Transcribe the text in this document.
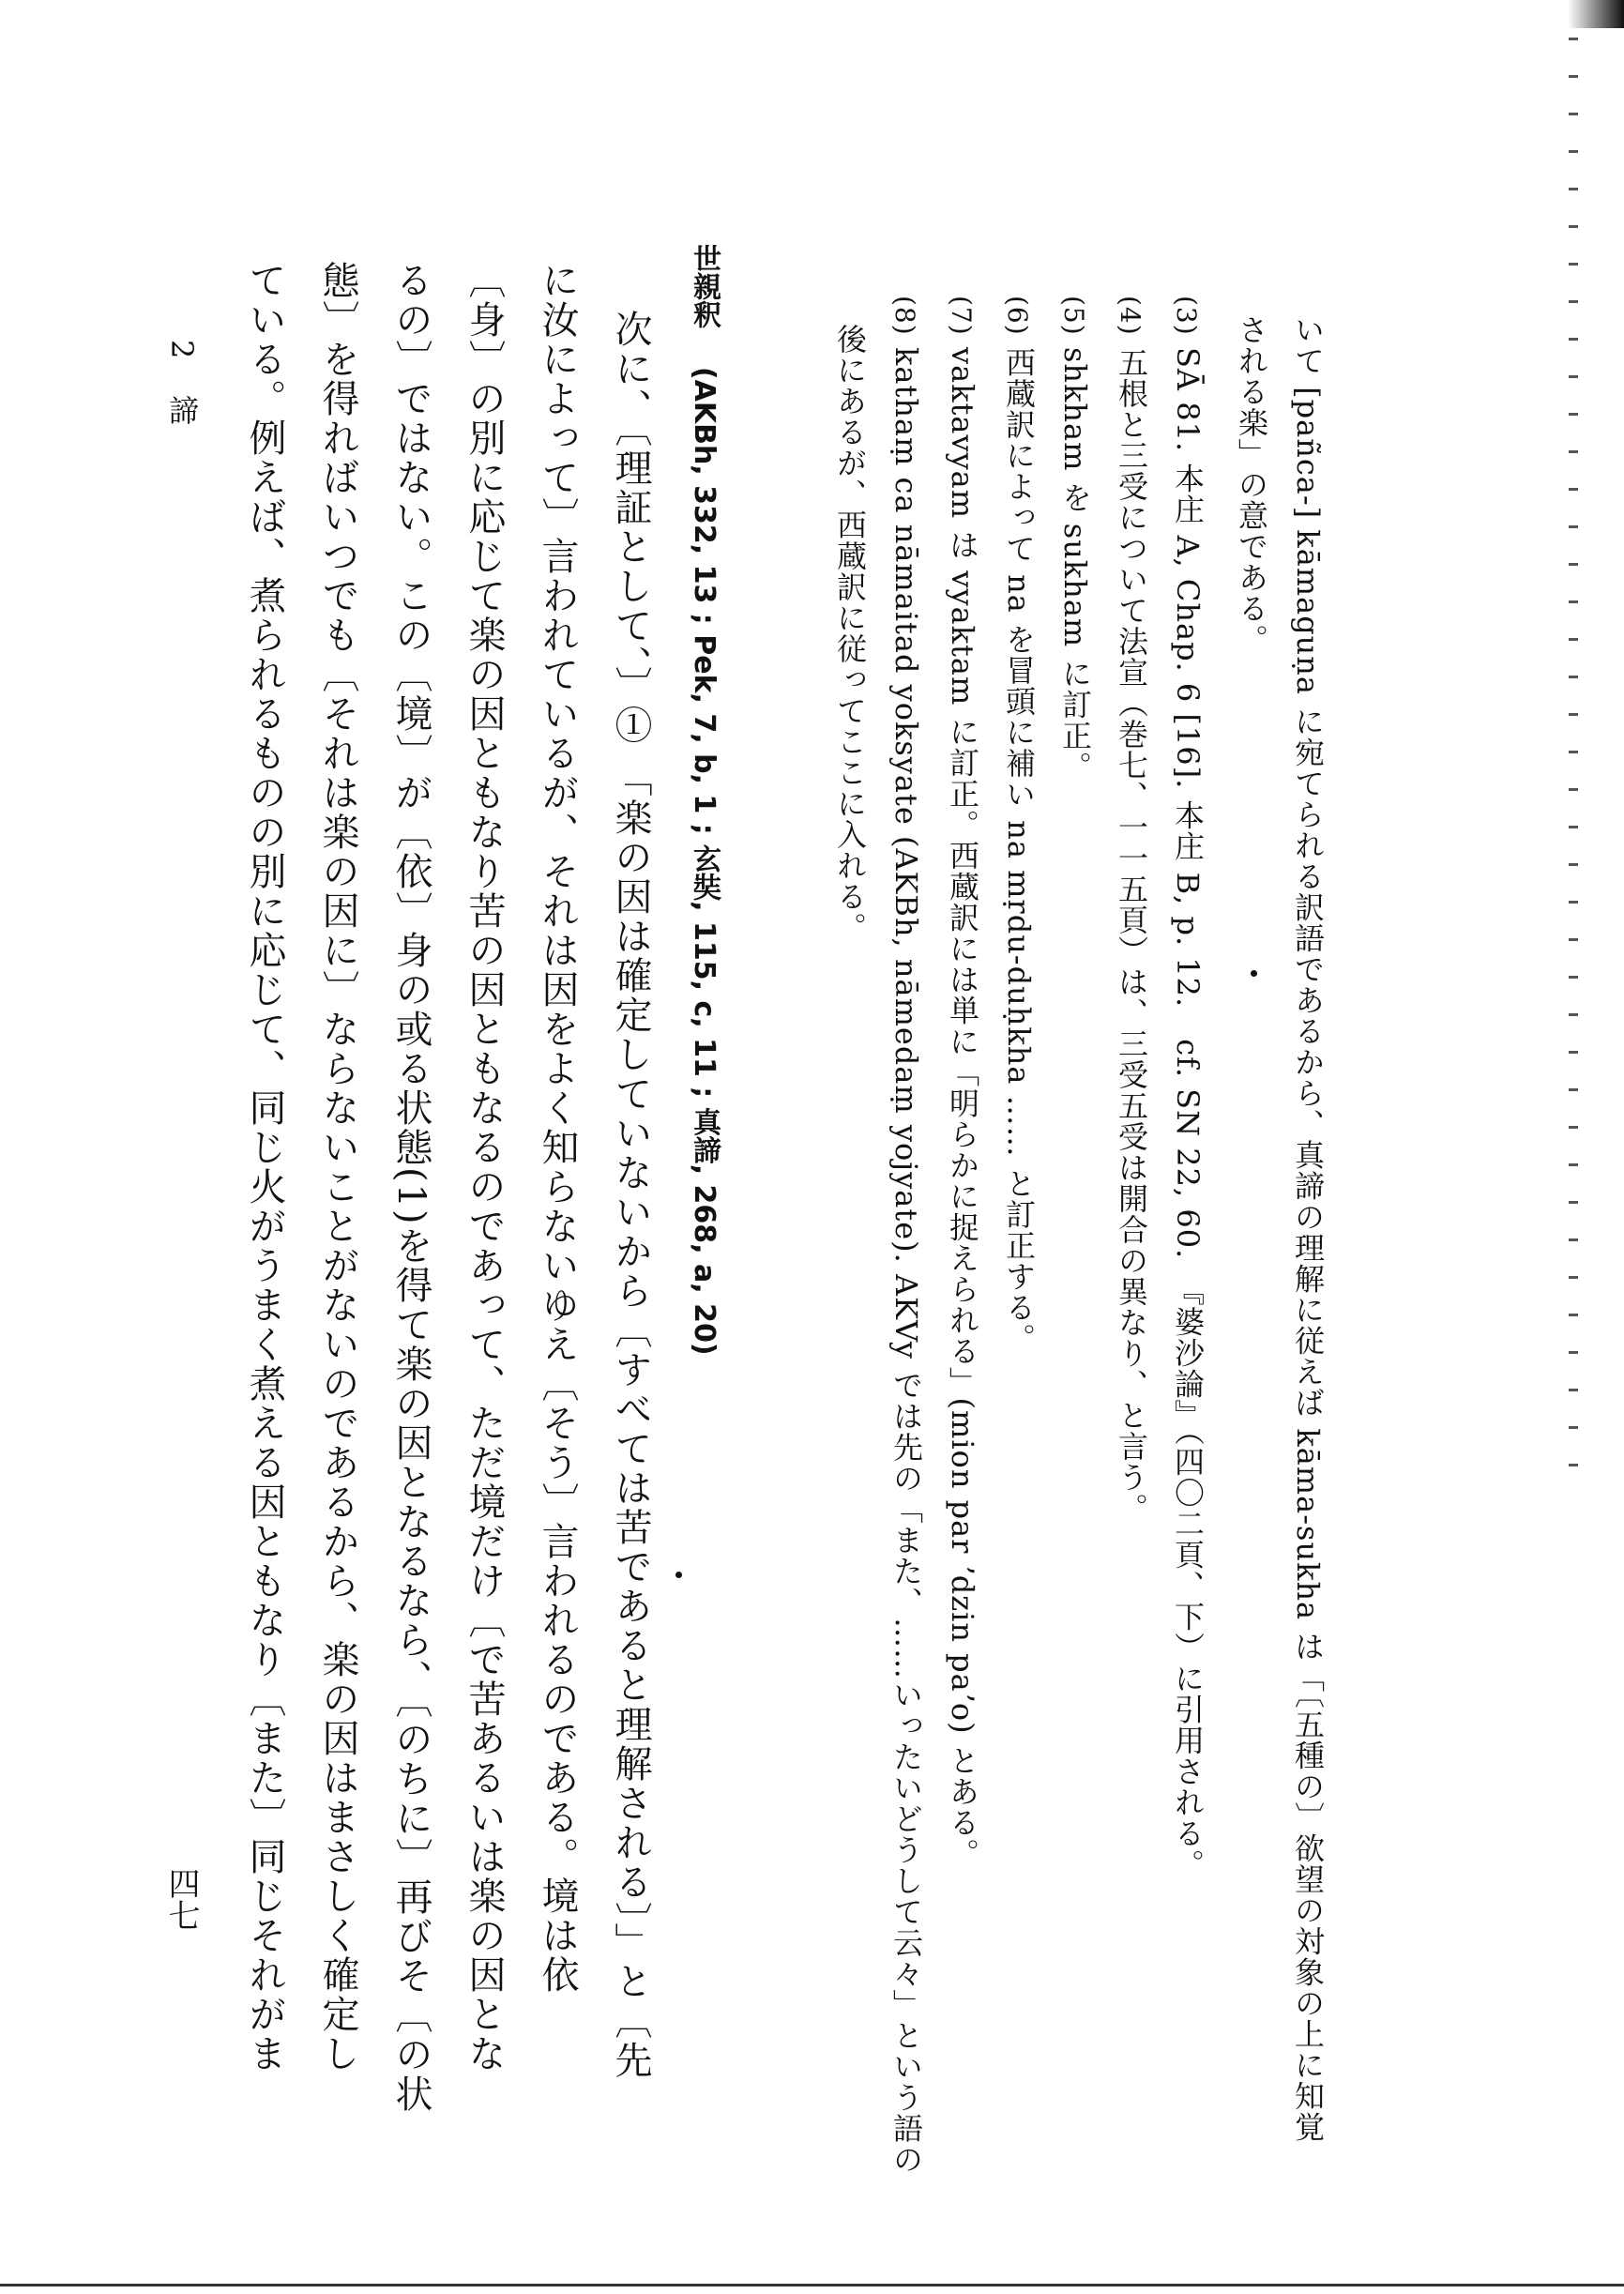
いて [pañca-] kāmaguṇa に宛てられる訳語であるから、真諦の理解に従えば kāma-sukha は「〔五種の〕欲望の対象の上に知覚
される楽」の意である。
(3)
SĀ 81. 本庄 A, Chap. 6 [16]. 本庄 B, p. 12.　cf. SN 22, 60.　『婆沙論』（四〇二頁、下）に引用される。
(4)
五根と三受について法宣（巻七、一一五頁）は、三受五受は開合の異なり、と言う。
(5)
shkham を sukham に訂正。
(6)
西蔵訳によって na を冒頭に補い na mṛdu-duḥkha …… と訂正する。
(7)
vaktavyam は vyaktam に訂正。西蔵訳には単に「明らかに捉えられる」(mion par ʼdzin paʼo) とある。
(8)
kathaṃ ca nāmaitad yoksyate (AKBh, nāmedaṃ yojyate). AKVy では先の「また、……いったいどうして云々」という語の
後にあるが、西蔵訳に従ってここに入れる。
世親釈  (AKBh, 332, 13 ; Pek, 7, b, 1 ; 玄奘, 115, c, 11 ; 真諦, 268, a, 20)
次に、〔理証として、〕① 「楽の因は確定していないから〔すべては苦であると理解される〕」と〔先
に汝によって〕言われているが、それは因をよく知らないゆえ〔そう〕言われるのである。境は依
〔身〕の別に応じて楽の因ともなり苦の因ともなるのであって、ただ境だけ〔で苦あるいは楽の因とな
るの〕ではない。この〔境〕が〔依〕身の或る状態(1)を得て楽の因となるなら、〔のちに〕再びそ〔の状
態〕を得ればいつでも〔それは楽の因に〕ならないことがないのであるから、楽の因はまさしく確定し
ている。例えば、煮られるものの別に応じて、同じ火がうまく煮える因ともなり〔また〕同じそれがま
2  諦
四七
